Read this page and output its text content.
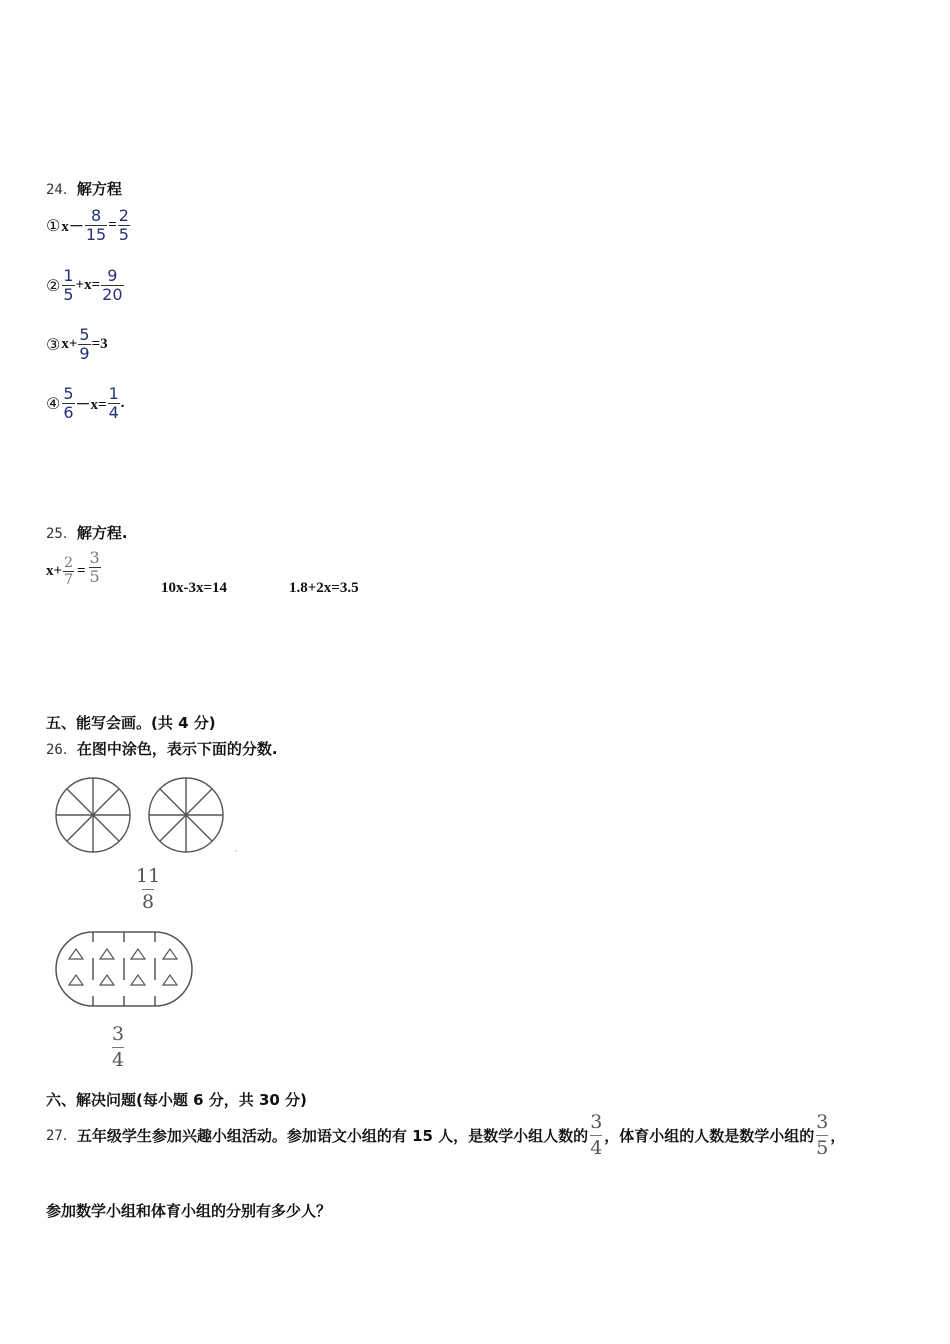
24．解方程
① $x- \frac{8}{15} = \frac{2}{5}$
② $\frac{1}{5} +x= \frac{9}{20}$
③ $x+ \frac{5}{9} =3$
④ $\frac{5}{6} -x= \frac{1}{4}$ .
25．解方程.
$x+ \frac{2}{7} = \frac{3}{5}$
10x-3x=14	1.8+2x=3.5
五、能写会画。(共 4 分)
26．在图中涂色，表示下面的分数.
$\frac{11}{8}$
$\frac{3}{4}$
六、解决问题(每小题 6 分，共 30 分)
27． 五年级学生参加兴趣小组活动。参加语文小组的有 15 人，是数学小组人数的 $\frac{3}{4}$ ，体育小组的人数是数学小组的 $\frac{3}{5}$ ，
参加数学小组和体育小组的分别有多少人？
